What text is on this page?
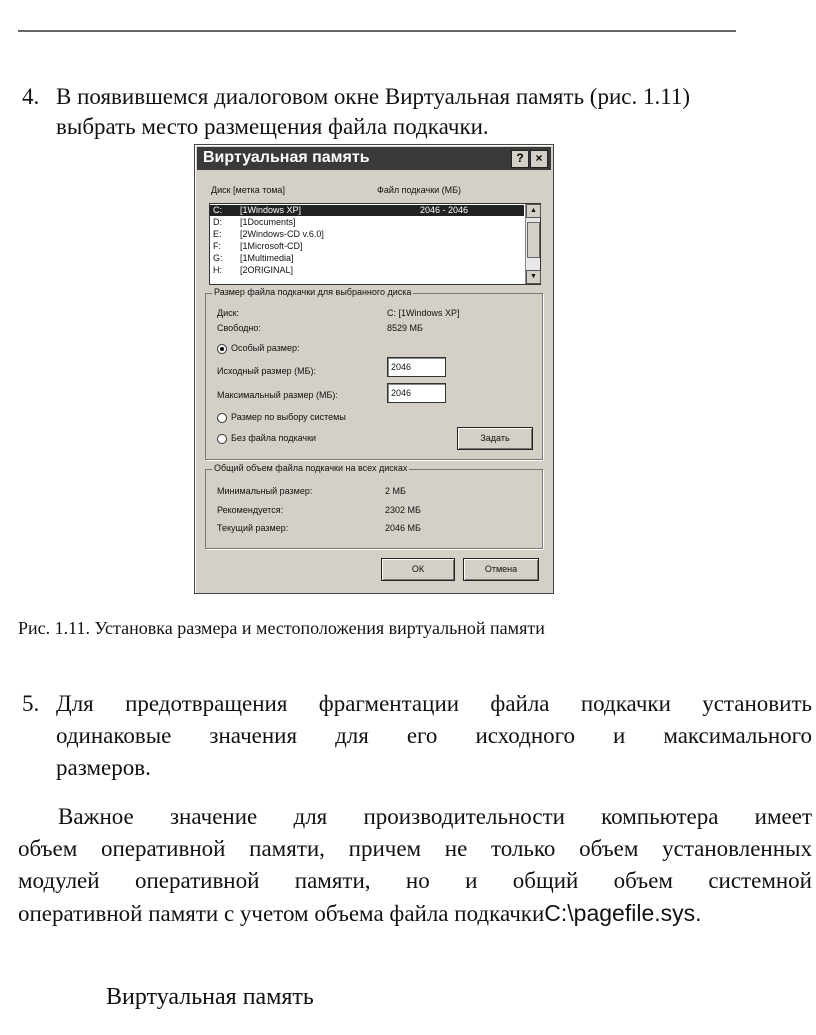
4. В появившемся диалоговом окне Виртуальная память (рис. 1.11)
выбрать место размещения файла подкачки.
Виртуальная память	? ×
Диск [метка тома]	Файл подкачки (МБ)
C: [1Windows XP]	2046 - 2046
D: [1Documents]
E: [2Windows-CD v.6.0]
F: [1Microsoft-CD]
G: [1Multimedia]
H: [2ORIGINAL]
▲
▼
Размер файла подкачки для выбранного диска
Диск:	C: [1Windows XP]
Свободно:	8529 МБ
Особый размер:
Исходный размер (МБ):	2046
Максимальный размер (МБ):	2046
Размер по выбору системы
Без файла подкачки	Задать
Общий объем файла подкачки на всех дисках
Минимальный размер:	2 МБ
Рекомендуется:	2302 МБ
Текущий размер:	2046 МБ
ОК	Отмена
Рис. 1.11. Установка размера и местоположения виртуальной памяти
5. Для предотвращения фрагментации файла подкачки установить
одинаковые значения для его исходного и максимального
размеров.
Важное значение для производительности компьютера имеет
объем оперативной памяти, причем не только объем установленных
модулей оперативной памяти, но и общий объем системной
оперативной памяти с учетом объема файла подкачкиC:\pagefile.sys.
Виртуальная память
